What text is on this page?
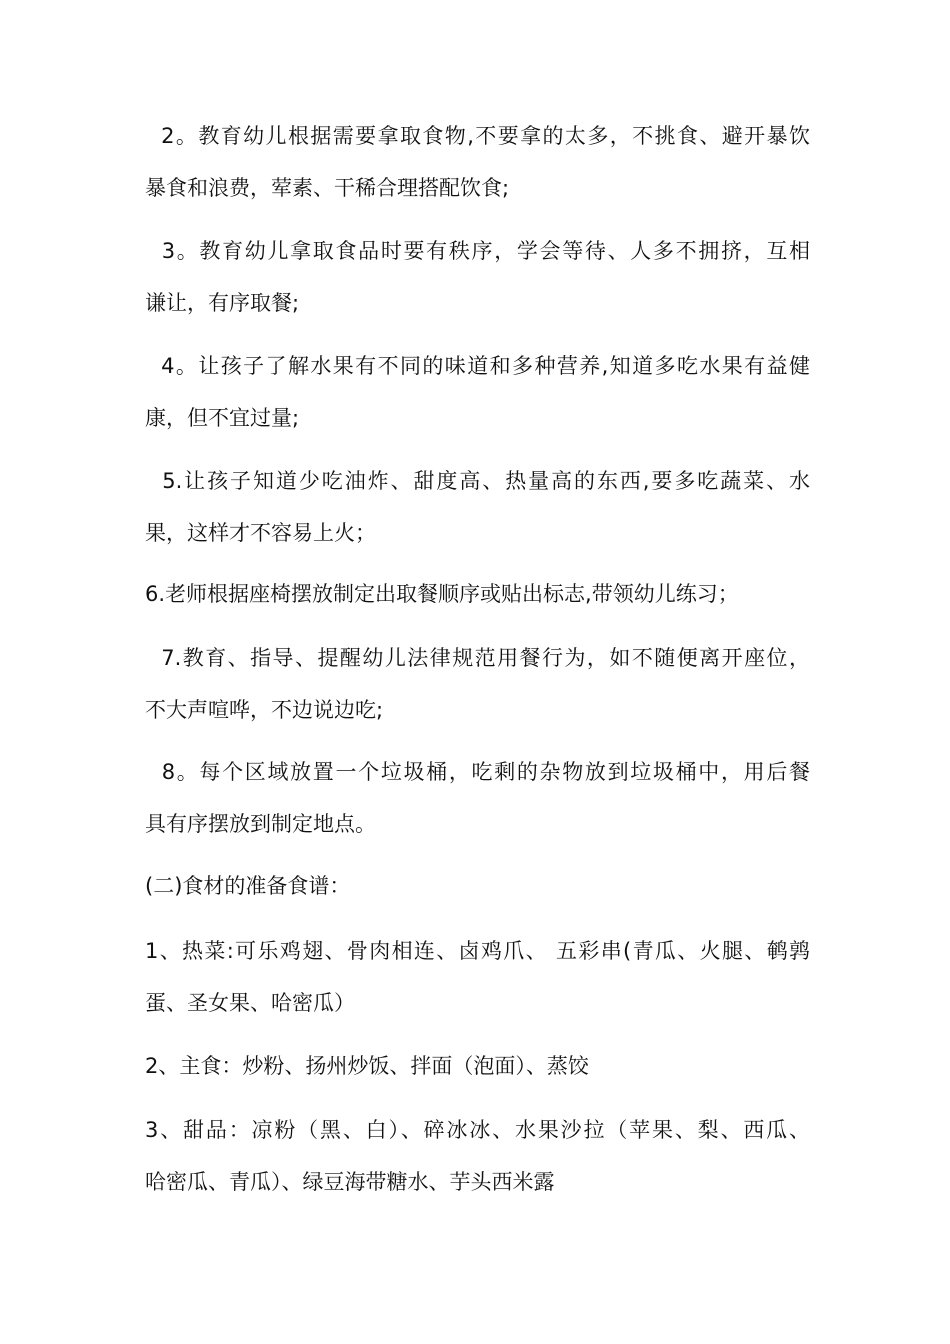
2。教育幼儿根据需要拿取食物,不要拿的太多，不挑食、避开暴饮
暴食和浪费，荤素、干稀合理搭配饮食;
3。教育幼儿拿取食品时要有秩序，学会等待、人多不拥挤，互相
谦让，有序取餐;
4。让孩子了解水果有不同的味道和多种营养,知道多吃水果有益健
康，但不宜过量;
5.让孩子知道少吃油炸、甜度高、热量高的东西,要多吃蔬菜、水
果，这样才不容易上火；
6.老师根据座椅摆放制定出取餐顺序或贴出标志,带领幼儿练习；
7.教育、指导、提醒幼儿法律规范用餐行为，如不随便离开座位，
不大声喧哗，不边说边吃;
8。每个区域放置一个垃圾桶，吃剩的杂物放到垃圾桶中，用后餐
具有序摆放到制定地点。
(二)食材的准备食谱：
1、热菜:可乐鸡翅、骨肉相连、卤鸡爪、 五彩串(青瓜、火腿、鹌鹑
蛋、圣女果、哈密瓜）
2、主食：炒粉、扬州炒饭、拌面（泡面）、蒸饺
3、甜品：凉粉（黑、白）、碎冰冰、水果沙拉（苹果、梨、西瓜、
哈密瓜、青瓜）、绿豆海带糖水、芋头西米露
